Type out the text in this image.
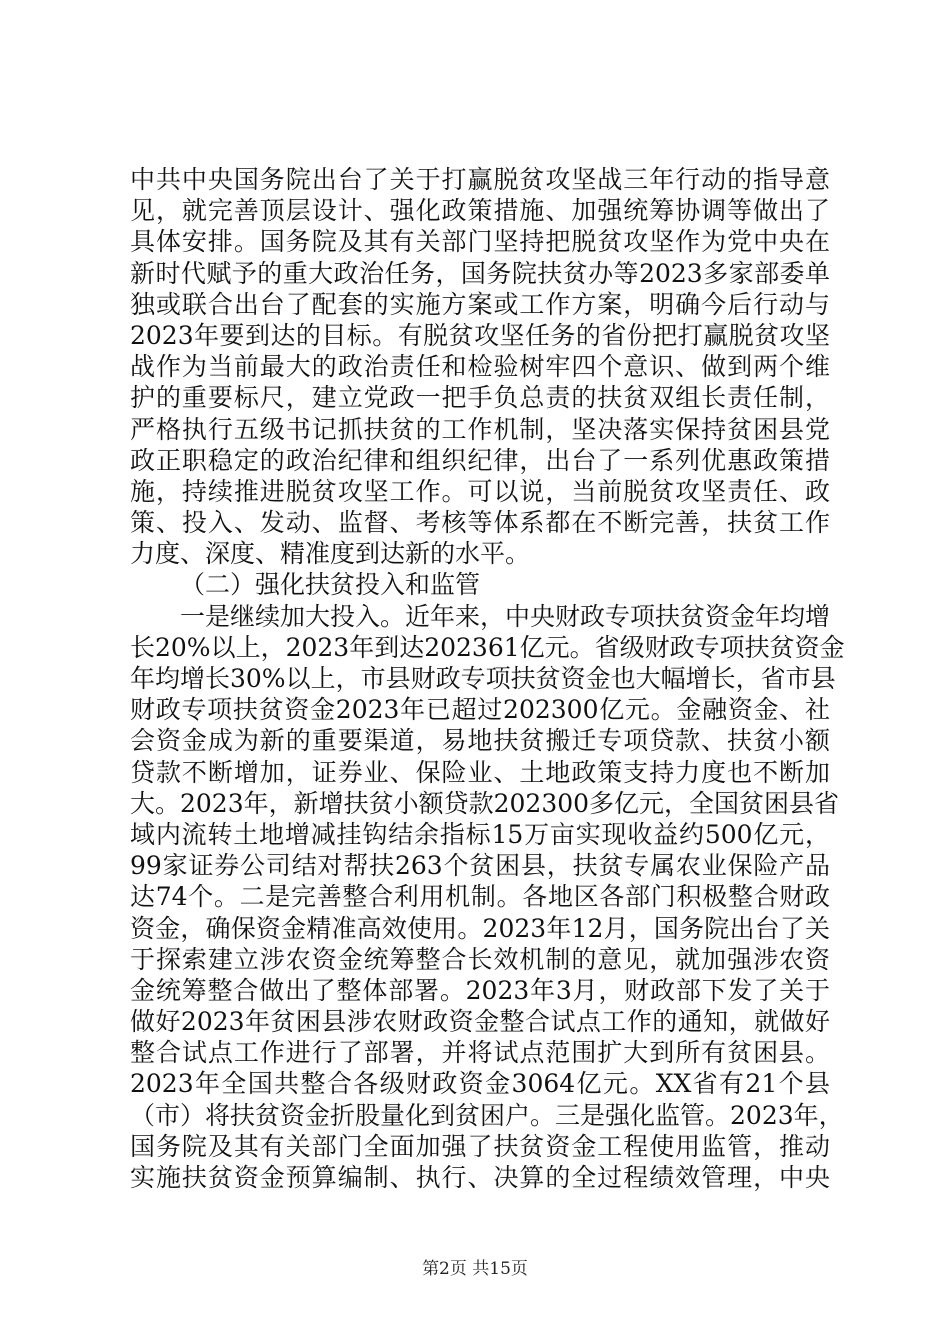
中共中央国务院出台了关于打赢脱贫攻坚战三年行动的指导意
见，就完善顶层设计、强化政策措施、加强统筹协调等做出了
具体安排。国务院及其有关部门坚持把脱贫攻坚作为党中央在
新时代赋予的重大政治任务，国务院扶贫办等2023多家部委单
独或联合出台了配套的实施方案或工作方案，明确今后行动与
2023年要到达的目标。有脱贫攻坚任务的省份把打赢脱贫攻坚
战作为当前最大的政治责任和检验树牢四个意识、做到两个维
护的重要标尺，建立党政一把手负总责的扶贫双组长责任制，
严格执行五级书记抓扶贫的工作机制，坚决落实保持贫困县党
政正职稳定的政治纪律和组织纪律，出台了一系列优惠政策措
施，持续推进脱贫攻坚工作。可以说，当前脱贫攻坚责任、政
策、投入、发动、监督、考核等体系都在不断完善，扶贫工作
力度、深度、精准度到达新的水平。
（二）强化扶贫投入和监管
一是继续加大投入。近年来，中央财政专项扶贫资金年均增
长20%以上，2023年到达202361亿元。省级财政专项扶贫资金
年均增长30%以上，市县财政专项扶贫资金也大幅增长，省市县
财政专项扶贫资金2023年已超过202300亿元。金融资金、社
会资金成为新的重要渠道，易地扶贫搬迁专项贷款、扶贫小额
贷款不断增加，证券业、保险业、土地政策支持力度也不断加
大。2023年，新增扶贫小额贷款202300多亿元，全国贫困县省
域内流转土地增减挂钩结余指标15万亩实现收益约500亿元，
99家证券公司结对帮扶263个贫困县，扶贫专属农业保险产品
达74个。二是完善整合利用机制。各地区各部门积极整合财政
资金，确保资金精准高效使用。2023年12月，国务院出台了关
于探索建立涉农资金统筹整合长效机制的意见，就加强涉农资
金统筹整合做出了整体部署。2023年3月，财政部下发了关于
做好2023年贫困县涉农财政资金整合试点工作的通知，就做好
整合试点工作进行了部署，并将试点范围扩大到所有贫困县。
2023年全国共整合各级财政资金3064亿元。XX省有21个县
（市）将扶贫资金折股量化到贫困户。三是强化监管。2023年，
国务院及其有关部门全面加强了扶贫资金工程使用监管，推动
实施扶贫资金预算编制、执行、决算的全过程绩效管理，中央
第2页 共15页
